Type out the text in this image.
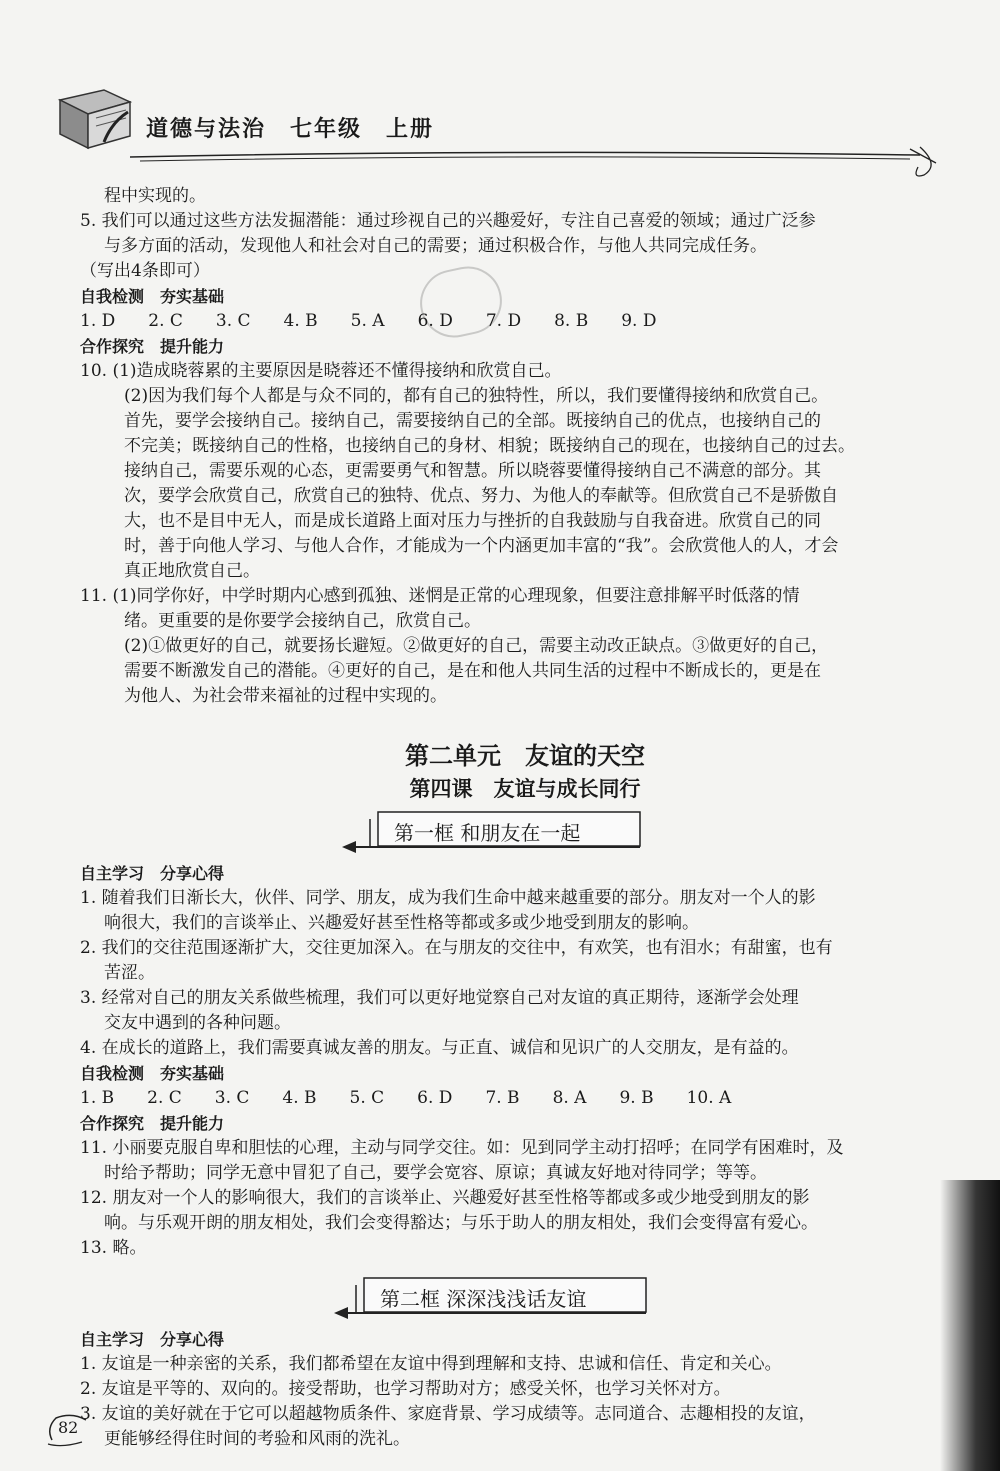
道德与法治　七年级　上册
程中实现的。
5. 我们可以通过这些方法发掘潜能：通过珍视自己的兴趣爱好，专注自己喜爱的领域；通过广泛参
与多方面的活动，发现他人和社会对自己的需要；通过积极合作，与他人共同完成任务。
（写出4条即可）
自我检测　夯实基础
1. D 2. C 3. C 4. B 5. A 6. D 7. D 8. B 9. D
合作探究　提升能力
10. (1)造成晓蓉累的主要原因是晓蓉还不懂得接纳和欣赏自己。
(2)因为我们每个人都是与众不同的，都有自己的独特性，所以，我们要懂得接纳和欣赏自己。
首先，要学会接纳自己。接纳自己，需要接纳自己的全部。既接纳自己的优点，也接纳自己的
不完美；既接纳自己的性格，也接纳自己的身材、相貌；既接纳自己的现在，也接纳自己的过去。
接纳自己，需要乐观的心态，更需要勇气和智慧。所以晓蓉要懂得接纳自己不满意的部分。其
次，要学会欣赏自己，欣赏自己的独特、优点、努力、为他人的奉献等。但欣赏自己不是骄傲自
大，也不是目中无人，而是成长道路上面对压力与挫折的自我鼓励与自我奋进。欣赏自己的同
时，善于向他人学习、与他人合作，才能成为一个内涵更加丰富的“我”。会欣赏他人的人，才会
真正地欣赏自己。
11. (1)同学你好，中学时期内心感到孤独、迷惘是正常的心理现象，但要注意排解平时低落的情
绪。更重要的是你要学会接纳自己，欣赏自己。
(2)①做更好的自己，就要扬长避短。②做更好的自己，需要主动改正缺点。③做更好的自己，
需要不断激发自己的潜能。④更好的自己，是在和他人共同生活的过程中不断成长的，更是在
为他人、为社会带来福祉的过程中实现的。
第二单元　友谊的天空
第四课　友谊与成长同行
第一框 和朋友在一起
自主学习　分享心得
1. 随着我们日渐长大，伙伴、同学、朋友，成为我们生命中越来越重要的部分。朋友对一个人的影
响很大，我们的言谈举止、兴趣爱好甚至性格等都或多或少地受到朋友的影响。
2. 我们的交往范围逐渐扩大，交往更加深入。在与朋友的交往中，有欢笑，也有泪水；有甜蜜，也有
苦涩。
3. 经常对自己的朋友关系做些梳理，我们可以更好地觉察自己对友谊的真正期待，逐渐学会处理
交友中遇到的各种问题。
4. 在成长的道路上，我们需要真诚友善的朋友。与正直、诚信和见识广的人交朋友，是有益的。
自我检测　夯实基础
1. B 2. C 3. C 4. B 5. C 6. D 7. B 8. A 9. B 10. A
合作探究　提升能力
11. 小丽要克服自卑和胆怯的心理，主动与同学交往。如：见到同学主动打招呼；在同学有困难时，及
时给予帮助；同学无意中冒犯了自己，要学会宽容、原谅；真诚友好地对待同学；等等。
12. 朋友对一个人的影响很大，我们的言谈举止、兴趣爱好甚至性格等都或多或少地受到朋友的影
响。与乐观开朗的朋友相处，我们会变得豁达；与乐于助人的朋友相处，我们会变得富有爱心。
13. 略。
第二框 深深浅浅话友谊
自主学习　分享心得
1. 友谊是一种亲密的关系，我们都希望在友谊中得到理解和支持、忠诚和信任、肯定和关心。
2. 友谊是平等的、双向的。接受帮助，也学习帮助对方；感受关怀，也学习关怀对方。
3. 友谊的美好就在于它可以超越物质条件、家庭背景、学习成绩等。志同道合、志趣相投的友谊，
更能够经得住时间的考验和风雨的洗礼。
82
